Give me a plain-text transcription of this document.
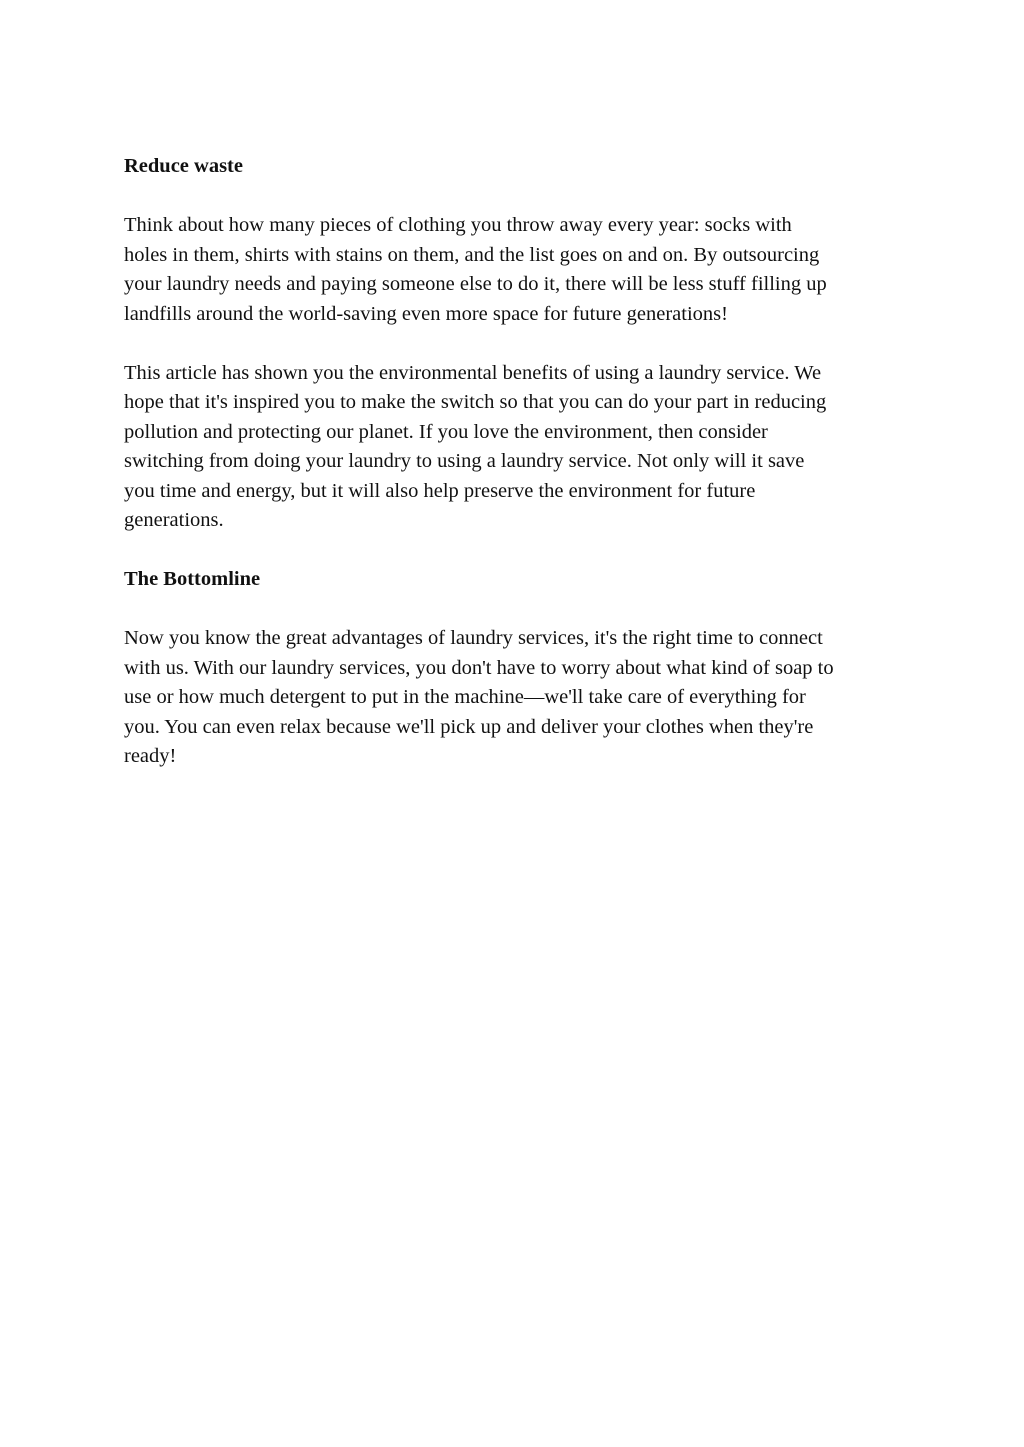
Reduce waste
Think about how many pieces of clothing you throw away every year: socks with
holes in them, shirts with stains on them, and the list goes on and on. By outsourcing
your laundry needs and paying someone else to do it, there will be less stuff filling up
landfills around the world-saving even more space for future generations!
This article has shown you the environmental benefits of using a laundry service. We
hope that it's inspired you to make the switch so that you can do your part in reducing
pollution and protecting our planet. If you love the environment, then consider
switching from doing your laundry to using a laundry service. Not only will it save
you time and energy, but it will also help preserve the environment for future
generations.
The Bottomline
Now you know the great advantages of laundry services, it's the right time to connect
with us. With our laundry services, you don't have to worry about what kind of soap to
use or how much detergent to put in the machine—we'll take care of everything for
you. You can even relax because we'll pick up and deliver your clothes when they're
ready!
